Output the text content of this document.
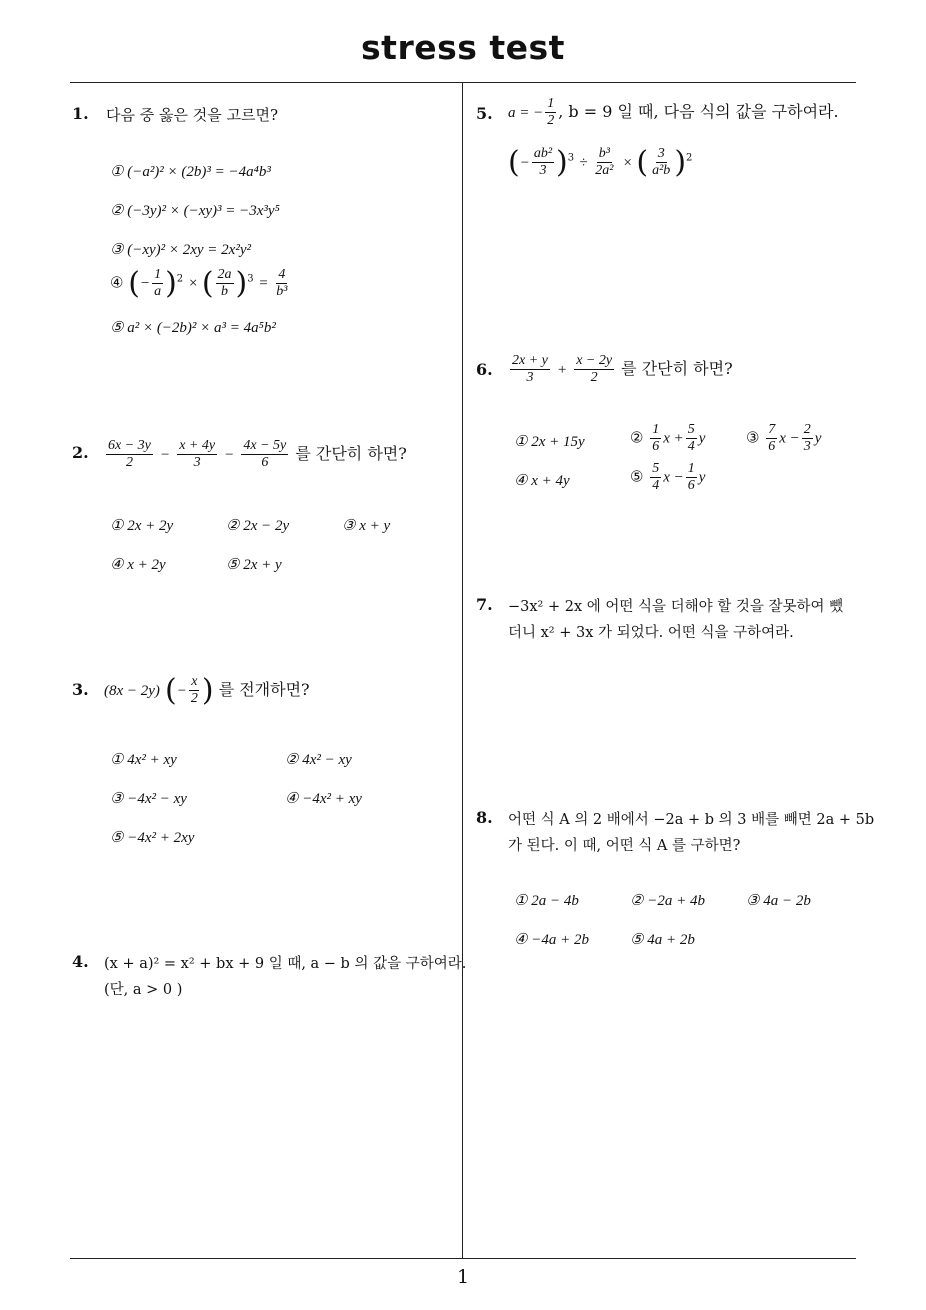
stress test
1
1. 다음 중 옳은 것을 고르면?
① (−a²)² × (2b)³ = −4a⁴b³
② (−3y)² × (−xy)³ = −3x³y⁵
③ (−xy)² × 2xy = 2x²y²
④ (− $\frac{1}{a} )^2$ × ( $\frac{2a}{b} )^3 = \frac{4}{\text{b³}}$
⑤ a² × (−2b)² × a³ = 4a⁵b²
2. $\frac{6x - 3y}{2} - \frac{x + 4y}{3} - \frac{4x - 5y}{6}$ 를 간단히 하면?
① 2x + 2y	② 2x − 2y	③ x + y
④ x + 2y	⑤ 2x + y
3. (8x − 2y) (− $\frac{x}{2}$ ) 를 전개하면?
① 4x² + xy	② 4x² − xy
③ −4x² − xy	④ −4x² + xy
⑤ −4x² + 2xy
4. (x + a)² = x² + bx + 9 일 때, a − b 의 값을 구하여라.
(단, a > 0 )
5. a = − $\frac{1}{2}$ , b = 9 일 때, 다음 식의 값을 구하여라.
(− $\frac{\text{ab²}}{3} )^3 \div \frac{\text{b³}}{\text{2a²}}$ × ( $\frac{3}{\text{a²b}} )^2$
6. $\frac{2x + y}{3} + \frac{x - 2y}{2}$ 를 간단히 하면?
① 2x + 15y	② $\frac{1}{6}$ $x + \frac{5}{4}$ y	③ $\frac{7}{6}$ $x - \frac{2}{3}$ y
④ x + 4y	⑤ $\frac{5}{4}$ $x - \frac{1}{6}$ y
7. −3x² + 2x 에 어떤 식을 더해야 할 것을 잘못하여 뺐
더니 x² + 3x 가 되었다. 어떤 식을 구하여라.
8. 어떤 식 A 의 2 배에서 −2a + b 의 3 배를 빼면 2a + 5b
가 된다. 이 때, 어떤 식 A 를 구하면?
① 2a − 4b	② −2a + 4b	③ 4a − 2b
④ −4a + 2b	⑤ 4a + 2b
